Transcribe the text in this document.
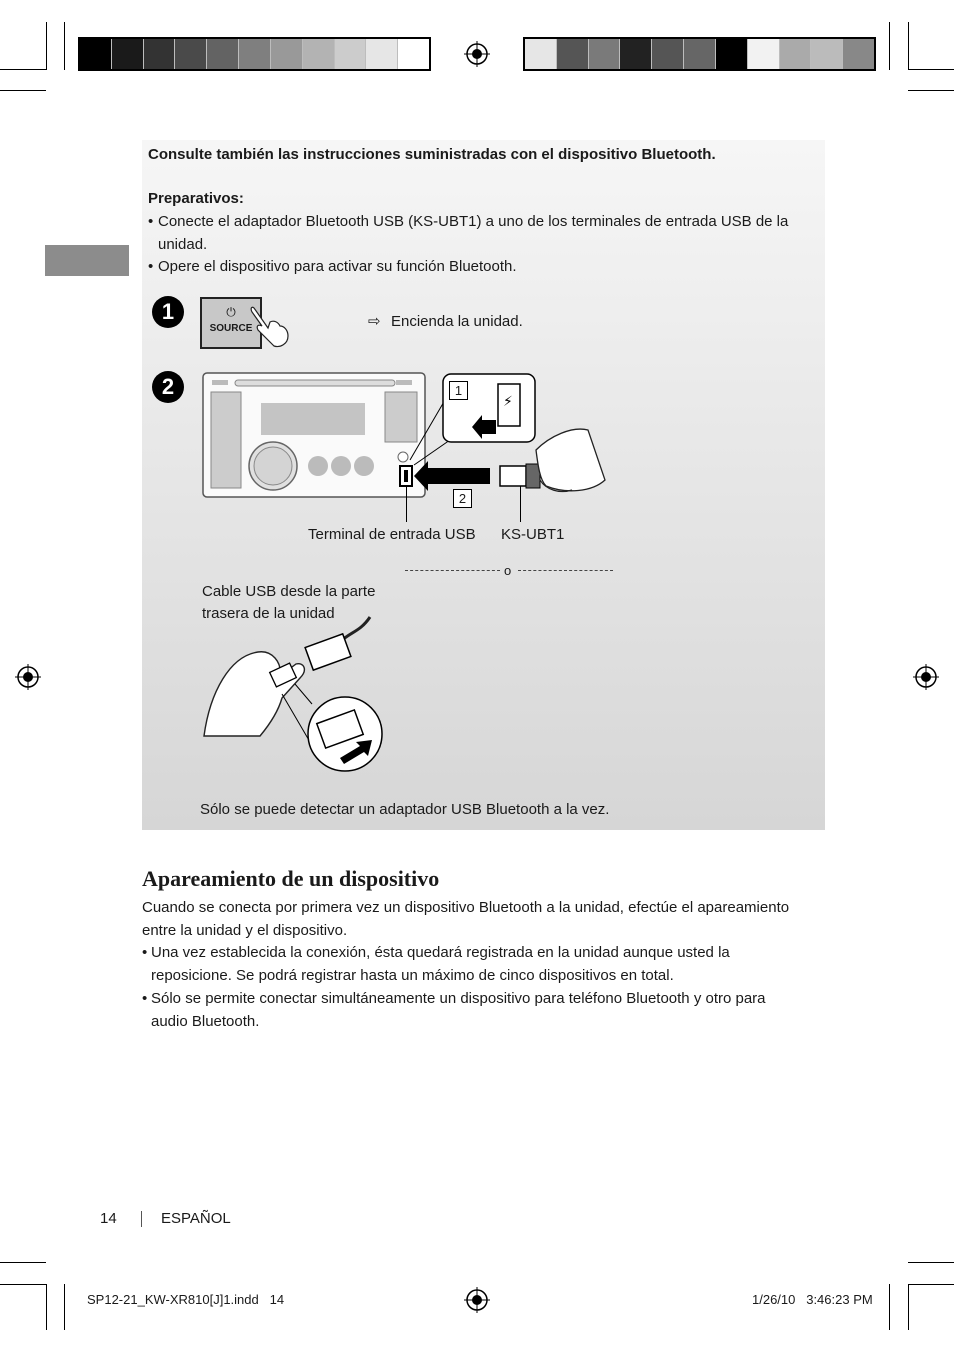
Consulte también las instrucciones suministradas con el dispositivo Bluetooth.
Preparativos:
• Conecte el adaptador Bluetooth USB (KS-UBT1) a uno de los terminales de entrada USB de la
unidad.
• Opere el dispositivo para activar su función Bluetooth.
1	⏻
SOURCE	⇨ Encienda la unidad.
2
⚡
1
2
Terminal de entrada USB KS-UBT1
o
Cable USB desde la parte
trasera de la unidad
Sólo se puede detectar un adaptador USB Bluetooth a la vez.
Apareamiento de un dispositivo
Cuando se conecta por primera vez un dispositivo Bluetooth a la unidad, efectúe el apareamiento
entre la unidad y el dispositivo.
• Una vez establecida la conexión, ésta quedará registrada en la unidad aunque usted la
reposicione. Se podrá registrar hasta un máximo de cinco dispositivos en total.
• Sólo se permite conectar simultáneamente un dispositivo para teléfono Bluetooth y otro para
audio Bluetooth.
14	ESPAÑOL
SP12-21_KW-XR810[J]1.indd   14	1/26/10   3:46:23 PM
